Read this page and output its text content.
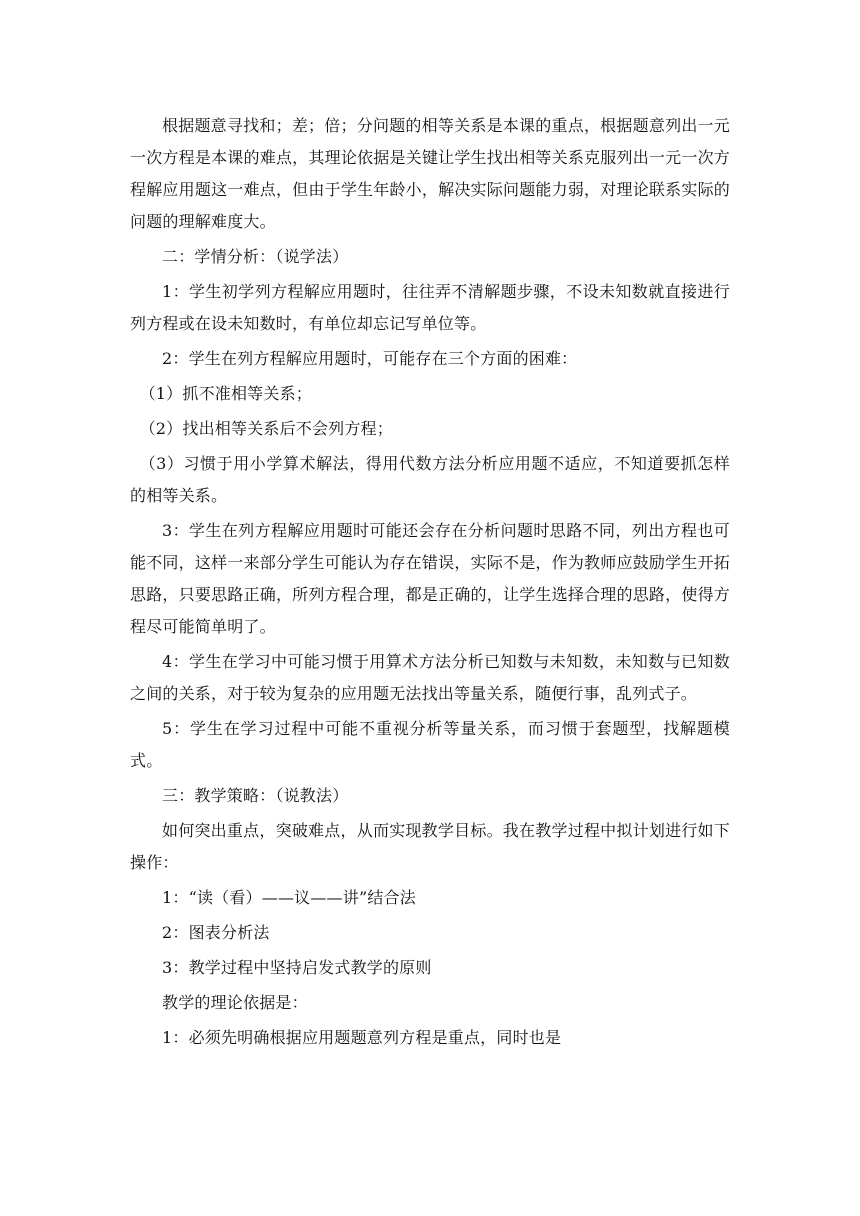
根据题意寻找和；差；倍；分问题的相等关系是本课的重点，根据题意列出一元一次方程是本课的难点，其理论依据是关键让学生找出相等关系克服列出一元一次方程解应用题这一难点，但由于学生年龄小，解决实际问题能力弱，对理论联系实际的问题的理解难度大。

二：学情分析：（说学法）

1：学生初学列方程解应用题时，往往弄不清解题步骤，不设未知数就直接进行列方程或在设未知数时，有单位却忘记写单位等。

2：学生在列方程解应用题时，可能存在三个方面的困难：

（1）抓不准相等关系；

（2）找出相等关系后不会列方程；

（3）习惯于用小学算术解法，得用代数方法分析应用题不适应，不知道要抓怎样的相等关系。

3：学生在列方程解应用题时可能还会存在分析问题时思路不同，列出方程也可能不同，这样一来部分学生可能认为存在错误，实际不是，作为教师应鼓励学生开拓思路，只要思路正确，所列方程合理，都是正确的，让学生选择合理的思路，使得方程尽可能简单明了。

4：学生在学习中可能习惯于用算术方法分析已知数与未知数，未知数与已知数之间的关系，对于较为复杂的应用题无法找出等量关系，随便行事，乱列式子。

5：学生在学习过程中可能不重视分析等量关系，而习惯于套题型，找解题模式。

三：教学策略：（说教法）

如何突出重点，突破难点，从而实现教学目标。我在教学过程中拟计划进行如下操作：

1：“读（看）——议——讲”结合法

2：图表分析法

3：教学过程中坚持启发式教学的原则

教学的理论依据是：

1：必须先明确根据应用题题意列方程是重点，同时也是
